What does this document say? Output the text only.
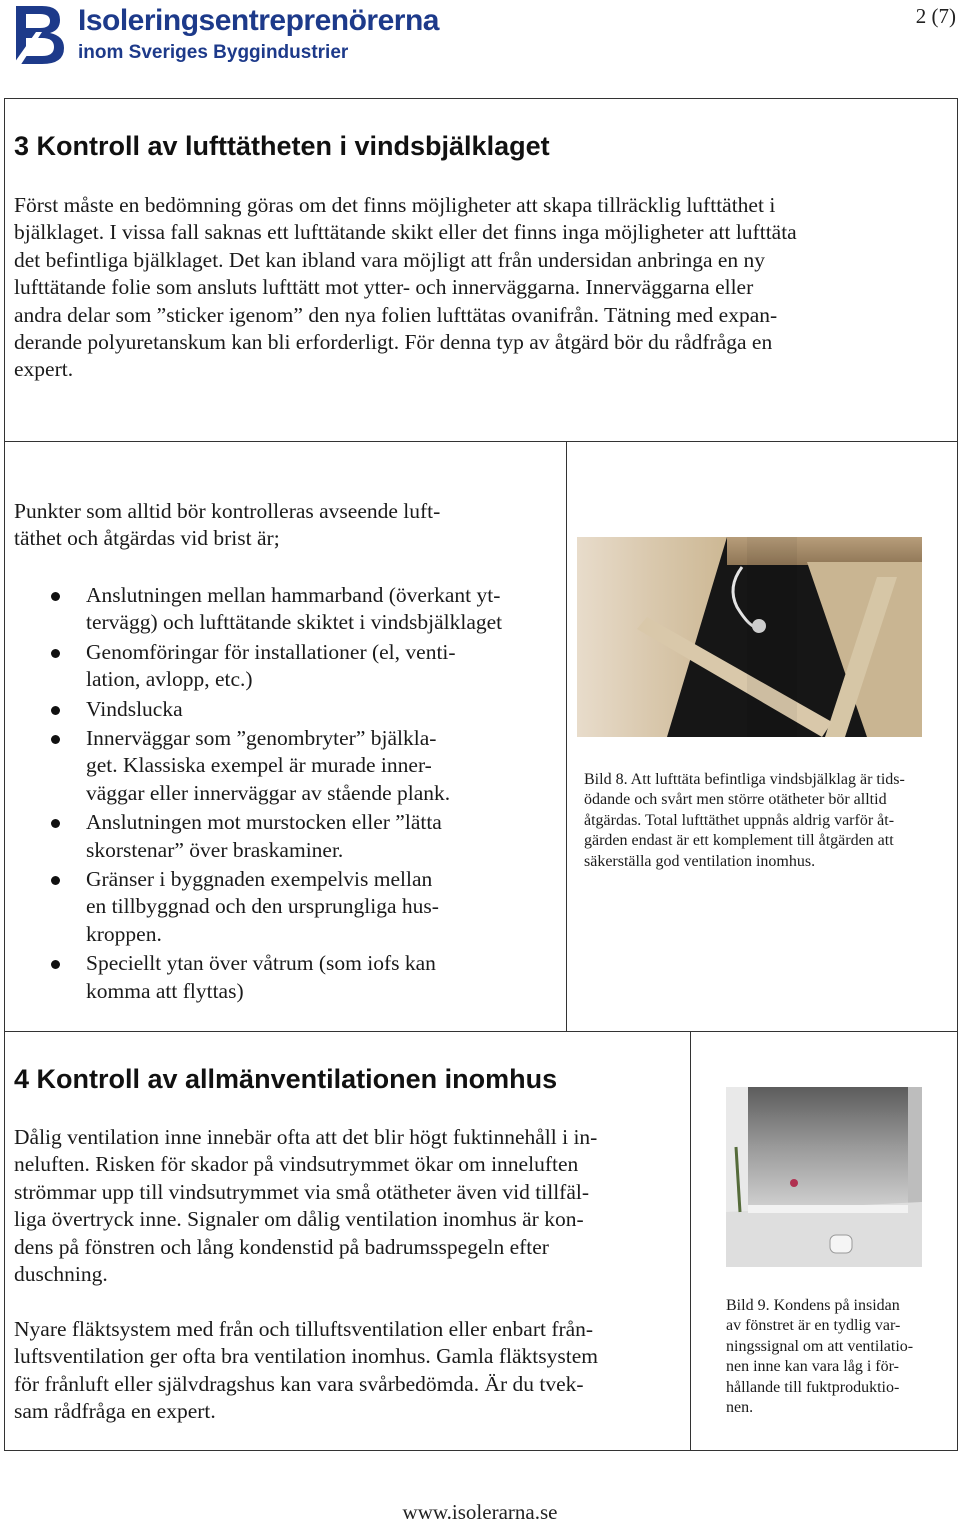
Isoleringsentreprenörerna
inom Sveriges Byggindustrier
2 (7)
3 Kontroll av lufttätheten i vindsbjälklaget

Först måste en bedömning göras om det finns möjligheter att skapa tillräcklig lufttäthet i
bjälklaget. I vissa fall saknas ett lufttätande skikt eller det finns inga möjligheter att lufttäta
det befintliga bjälklaget. Det kan ibland vara möjligt att från undersidan anbringa en ny
lufttätande folie som ansluts lufttätt mot ytter- och innerväggarna. Innerväggarna eller
andra delar som ”sticker igenom” den nya folien lufttätas ovanifrån. Tätning med expan-
derande polyuretanskum kan bli erforderligt. För denna typ av åtgärd bör du rådfråga en
expert.

Punkter som alltid bör kontrolleras avseende luft-
täthet och åtgärdas vid brist är;

Anslutningen mellan hammarband (överkant yt-
tervägg) och lufttätande skiktet i vindsbjälklaget
Genomföringar för installationer (el, venti-
lation, avlopp, etc.)
Vindslucka
Innerväggar som ”genombryter” bjälkla-
get. Klassiska exempel är murade inner-
väggar eller innerväggar av stående plank.
Anslutningen mot murstocken eller ”lätta
skorstenar” över braskaminer.
Gränser i byggnaden exempelvis mellan
en tillbyggnad och den ursprungliga hus-
kroppen.
Speciellt ytan över våtrum (som iofs kan
komma att flyttas)

Bild 8. Att lufttäta befintliga vindsbjälklag är tids-
ödande och svårt men större otätheter bör alltid
åtgärdas. Total lufttäthet uppnås aldrig varför åt-
gärden endast är ett komplement till åtgärden att
säkerställa god ventilation inomhus.

4 Kontroll av allmänventilationen inomhus

Dålig ventilation inne innebär ofta att det blir högt fuktinnehåll i in-
neluften. Risken för skador på vindsutrymmet ökar om inneluften
strömmar upp till vindsutrymmet via små otätheter även vid tillfäl-
liga övertryck inne. Signaler om dålig ventilation inomhus är kon-
dens på fönstren och lång kondenstid på badrumsspegeln efter
duschning.

Nyare fläktsystem med från och tilluftsventilation eller enbart från-
luftsventilation ger ofta bra ventilation inomhus. Gamla fläktsystem
för frånluft eller självdragshus kan vara svårbedömda. Är du tvek-
sam rådfråga en expert.

Bild 9. Kondens på insidan
av fönstret är en tydlig var-
ningssignal om att ventilatio-
nen inne kan vara låg i för-
hållande till fuktproduktio-
nen.

www.isolerarna.se
